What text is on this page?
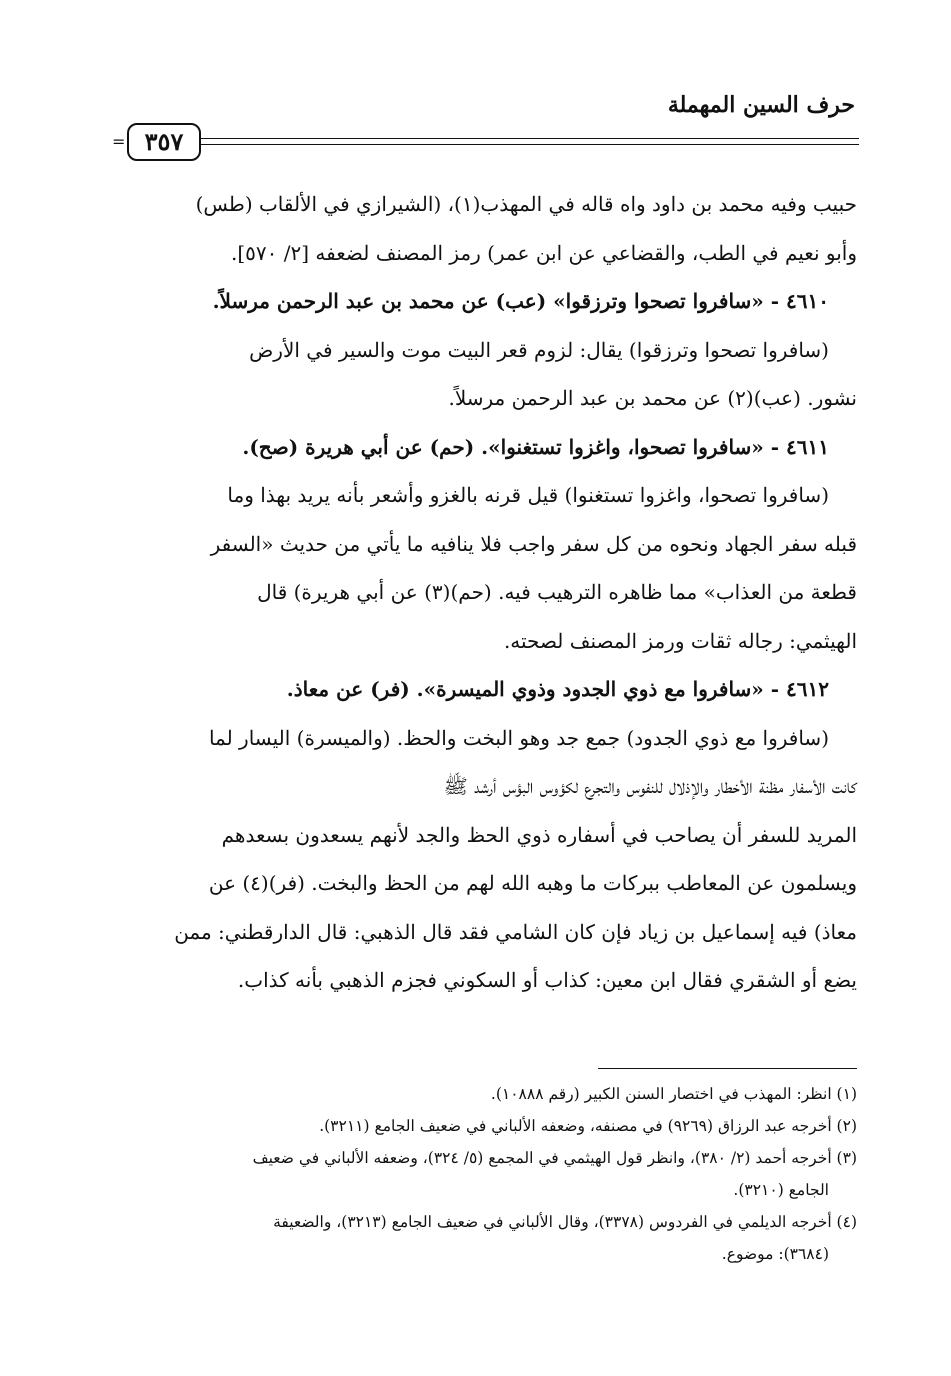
حرف السين المهملة
= ٣٥٧

حبيب وفيه محمد بن داود واه قاله في المهذب(١)، (الشيرازي في الألقاب (طس)

وأبو نعيم في الطب، والقضاعي عن ابن عمر) رمز المصنف لضعفه [٢/ ٥٧٠].

٤٦١٠ - «سافروا تصحوا وترزقوا» (عب) عن محمد بن عبد الرحمن مرسلاً.

(سافروا تصحوا وترزقوا) يقال: لزوم قعر البيت موت والسير في الأرض

نشور. (عب)(٢) عن محمد بن عبد الرحمن مرسلاً.

٤٦١١ - «سافروا تصحوا، واغزوا تستغنوا». (حم) عن أبي هريرة (صح).

(سافروا تصحوا، واغزوا تستغنوا) قيل قرنه بالغزو وأشعر بأنه يريد بهذا وما

قبله سفر الجهاد ونحوه من كل سفر واجب فلا ينافيه ما يأتي من حديث «السفر

قطعة من العذاب» مما ظاهره الترهيب فيه. (حم)(٣) عن أبي هريرة) قال

الهيثمي: رجاله ثقات ورمز المصنف لصحته.

٤٦١٢ - «سافروا مع ذوي الجدود وذوي الميسرة». (فر) عن معاذ.

(سافروا مع ذوي الجدود) جمع جد وهو البخت والحظ. (والميسرة) اليسار لما

كانت الأسفار مظنة الأخطار والإذلال للنفوس والتجرع لكؤوس البؤس أرشد ﷺ

المريد للسفر أن يصاحب في أسفاره ذوي الحظ والجد لأنهم يسعدون بسعدهم

ويسلمون عن المعاطب ببركات ما وهبه الله لهم من الحظ والبخت. (فر)(٤) عن

معاذ) فيه إسماعيل بن زياد فإن كان الشامي فقد قال الذهبي: قال الدارقطني: ممن

يضع أو الشقري فقال ابن معين: كذاب أو السكوني فجزم الذهبي بأنه كذاب.

(١) انظر: المهذب في اختصار السنن الكبير (رقم ١٠٨٨٨).

(٢) أخرجه عبد الرزاق (٩٢٦٩) في مصنفه، وضعفه الألباني في ضعيف الجامع (٣٢١١).

(٣) أخرجه أحمد (٢/ ٣٨٠)، وانظر قول الهيثمي في المجمع (٥/ ٣٢٤)، وضعفه الألباني في ضعيف

الجامع (٣٢١٠).

(٤) أخرجه الديلمي في الفردوس (٣٣٧٨)، وقال الألباني في ضعيف الجامع (٣٢١٣)، والضعيفة

(٣٦٨٤): موضوع.
